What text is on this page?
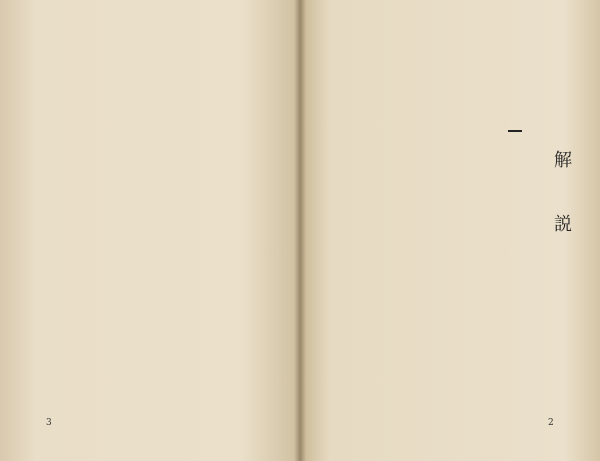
3	2
解　説
